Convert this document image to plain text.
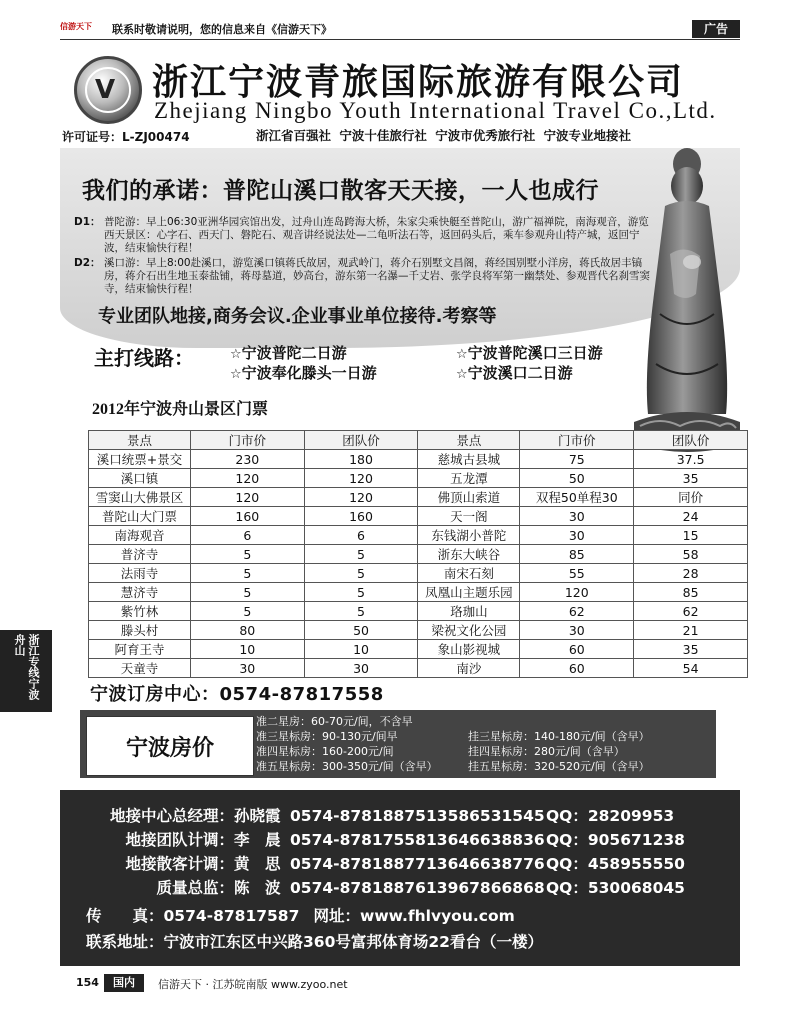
信游天下 联系时敬请说明，您的信息来自《信游天下》	广告
浙江专线宁波舟山
V 浙江宁波青旅国际旅游有限公司
Zhejiang Ningbo Youth International Travel Co.,Ltd.
许可证号：L-ZJ00474	浙江省百强社 宁波十佳旅行社 宁波市优秀旅行社 宁波专业地接社
我们的承诺：普陀山溪口散客天天接，一人也成行
D1： 普陀游：早上06:30亚洲华园宾馆出发，过舟山连岛跨海大桥，朱家尖乘快艇至普陀山，游广福禅院，南海观音，游览西天景区：心字石、西天门、磐陀石、观音讲经说法处—二龟听法石等，返回码头后，乘车参观舟山特产城，返回宁波，结束愉快行程！
D2： 溪口游：早上8:00赴溪口，游览溪口镇蒋氏故居，观武岭门，蒋介石别墅文昌阁，蒋经国别墅小洋房，蒋氏故居丰镐房，蒋介石出生地玉泰盐铺，蒋母墓道，妙高台，游东第一名瀑—千丈岩、张学良将军第一幽禁处、参观晋代名刹雪窦寺，结束愉快行程！
专业团队地接,商务会议.企业事业单位接待.考察等
主打线路：	☆宁波普陀二日游	☆宁波普陀溪口三日游
☆宁波奉化滕头一日游	☆宁波溪口二日游
2012年宁波舟山景区门票
景点	门市价	团队价	景点	门市价	团队价
溪口统票+景交	230	180	慈城古县城	75	37.5
溪口镇	120	120	五龙潭	50	35
雪窦山大佛景区	120	120	佛顶山索道	双程50单程30	同价
普陀山大门票	160	160	天一阁	30	24
南海观音	6	6	东钱湖小普陀	30	15
普济寺	5	5	浙东大峡谷	85	58
法雨寺	5	5	南宋石刻	55	28
慧济寺	5	5	凤凰山主题乐园	120	85
紫竹林	5	5	珞珈山	62	62
滕头村	80	50	梁祝文化公园	30	21
阿育王寺	10	10	象山影视城	60	35
天童寺	30	30	南沙	60	54
宁波订房中心：0574-87817558
宁波房价
准二星房：60-70元/间，不含早
准三星标房：90-130元/间早	挂三星标房：140-180元/间（含早）
准四星标房：160-200元/间	挂四星标房：280元/间（含早）
准五星标房：300-350元/间（含早）	挂五星标房：320-520元/间（含早）
地接中心总经理：孙晓霞 0574-8781887513586531545 QQ：28209953
地接团队计调：李　晨 0574-8781755813646638836 QQ：905671238
地接散客计调：黄　思 0574-8781887713646638776 QQ：458955550
质量总监：陈　波 0574-8781887613967866868 QQ：530068045
传　　真：0574-87817587 网址：www.fhlvyou.com
联系地址：宁波市江东区中兴路360号富邦体育场22看台（一楼）
154	国内	信游天下 · 江苏皖南版 www.zyoo.net
